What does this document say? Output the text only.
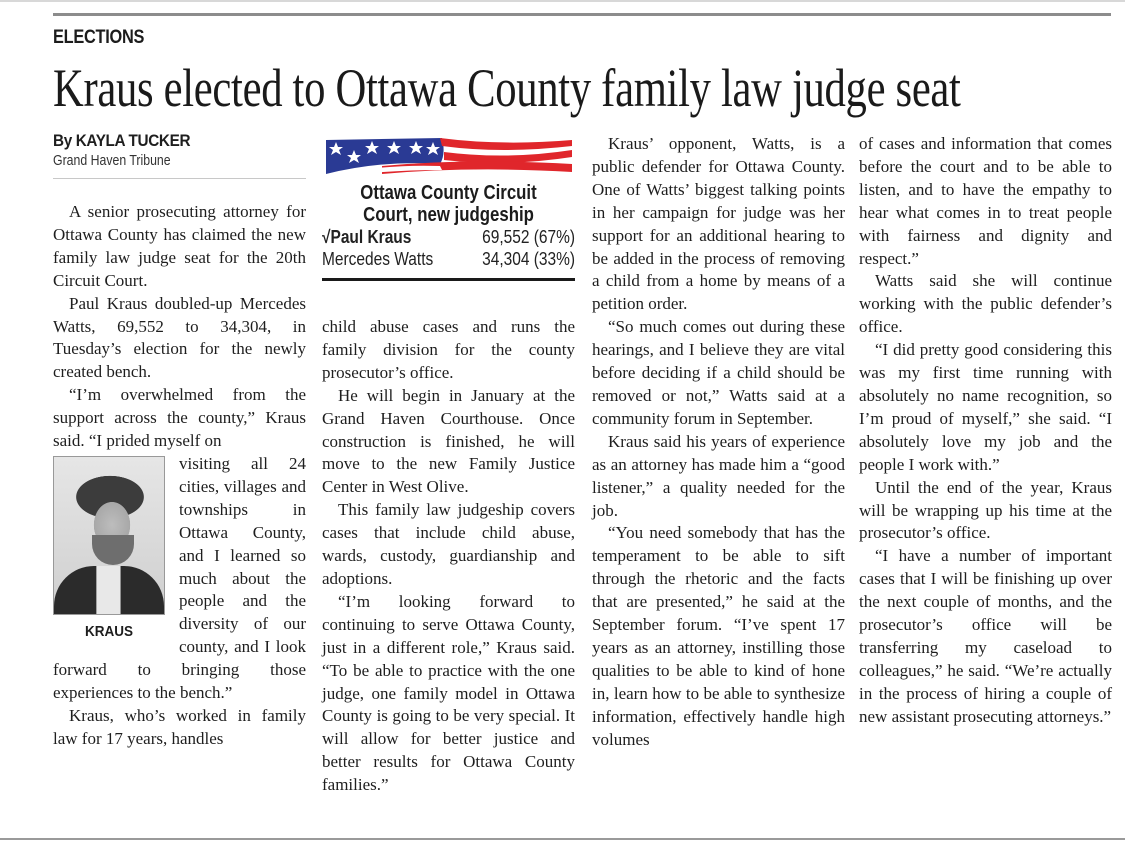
ELECTIONS
Kraus elected to Ottawa County family law judge seat
By KAYLA TUCKER
Grand Haven Tribune

A senior prosecuting attorney for Ottawa County has claimed the new family law judge seat for the 20th Circuit Court.

Paul Kraus doubled-up Mercedes Watts, 69,552 to 34,304, in Tuesday’s election for the newly created bench.

“I’m overwhelmed from the support across the county,” Kraus said. “I prided myself on

KRAUS

visiting all 24 cities, villages and townships in Ottawa County, and I learned so much about the people and the diversity of our county, and I look forward to bringing those experiences to the bench.”

Kraus, who’s worked in family law for 17 years, handles

Ottawa County Circuit
Court, new judgeship
√Paul Kraus	69,552 (67%)
Mercedes Watts	34,304 (33%)

child abuse cases and runs the family division for the county prosecutor’s office.

He will begin in January at the Grand Haven Courthouse. Once construction is finished, he will move to the new Family Justice Center in West Olive.

This family law judgeship covers cases that include child abuse, wards, custody, guardianship and adoptions.

“I’m looking forward to continuing to serve Ottawa County, just in a different role,” Kraus said. “To be able to practice with the one judge, one family model in Ottawa County is going to be very special. It will allow for better justice and better results for Ottawa County families.”

Kraus’ opponent, Watts, is a public defender for Ottawa County. One of Watts’ biggest talking points in her campaign for judge was her support for an additional hearing to be added in the process of removing a child from a home by means of a petition order.

“So much comes out during these hearings, and I believe they are vital before deciding if a child should be removed or not,” Watts said at a community forum in September.

Kraus said his years of experience as an attorney has made him a “good listener,” a quality needed for the job.

“You need somebody that has the temperament to be able to sift through the rhetoric and the facts that are presented,” he said at the September forum. “I’ve spent 17 years as an attorney, instilling those qualities to be able to kind of hone in, learn how to be able to synthesize information, effectively handle high volumes

of cases and information that comes before the court and to be able to listen, and to have the empathy to hear what comes in to treat people with fairness and dignity and respect.”

Watts said she will continue working with the public defender’s office.

“I did pretty good considering this was my first time running with absolutely no name recognition, so I’m proud of myself,” she said. “I absolutely love my job and the people I work with.”

Until the end of the year, Kraus will be wrapping up his time at the prosecutor’s office.

“I have a number of important cases that I will be finishing up over the next couple of months, and the prosecutor’s office will be transferring my caseload to colleagues,” he said. “We’re actually in the process of hiring a couple of new assistant prosecuting attorneys.”
